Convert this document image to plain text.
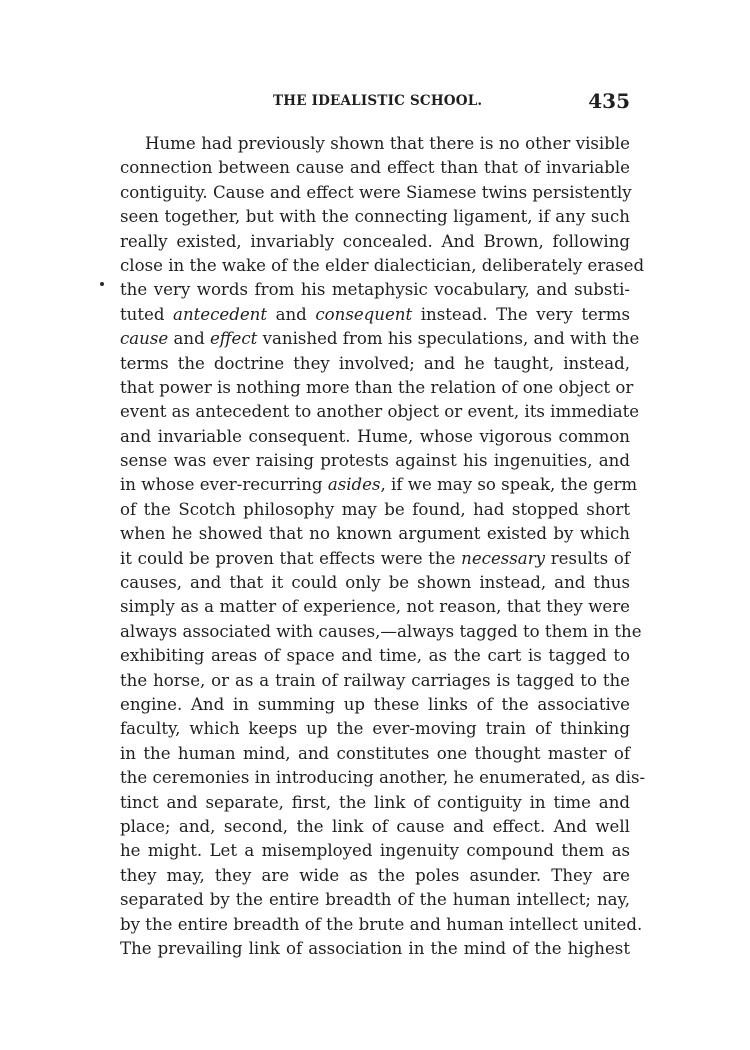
THE IDEALISTIC SCHOOL.	435
Hume had previously shown that there is no other visible
connection between cause and effect than that of invariable
contiguity. Cause and effect were Siamese twins persistently
seen together, but with the connecting ligament, if any such
really existed, invariably concealed. And Brown, following
close in the wake of the elder dialectician, deliberately erased
the very words from his metaphysic vocabulary, and substi-
tuted antecedent and consequent instead. The very terms
cause and effect vanished from his speculations, and with the
terms the doctrine they involved; and he taught, instead,
that power is nothing more than the relation of one object or
event as antecedent to another object or event, its immediate
and invariable consequent. Hume, whose vigorous common
sense was ever raising protests against his ingenuities, and
in whose ever-recurring asides, if we may so speak, the germ
of the Scotch philosophy may be found, had stopped short
when he showed that no known argument existed by which
it could be proven that effects were the necessary results of
causes, and that it could only be shown instead, and thus
simply as a matter of experience, not reason, that they were
always associated with causes,—always tagged to them in the
exhibiting areas of space and time, as the cart is tagged to
the horse, or as a train of railway carriages is tagged to the
engine. And in summing up these links of the associative
faculty, which keeps up the ever-moving train of thinking
in the human mind, and constitutes one thought master of
the ceremonies in introducing another, he enumerated, as dis-
tinct and separate, first, the link of contiguity in time and
place; and, second, the link of cause and effect. And well
he might. Let a misemployed ingenuity compound them as
they may, they are wide as the poles asunder. They are
separated by the entire breadth of the human intellect; nay,
by the entire breadth of the brute and human intellect united.
The prevailing link of association in the mind of the highest
